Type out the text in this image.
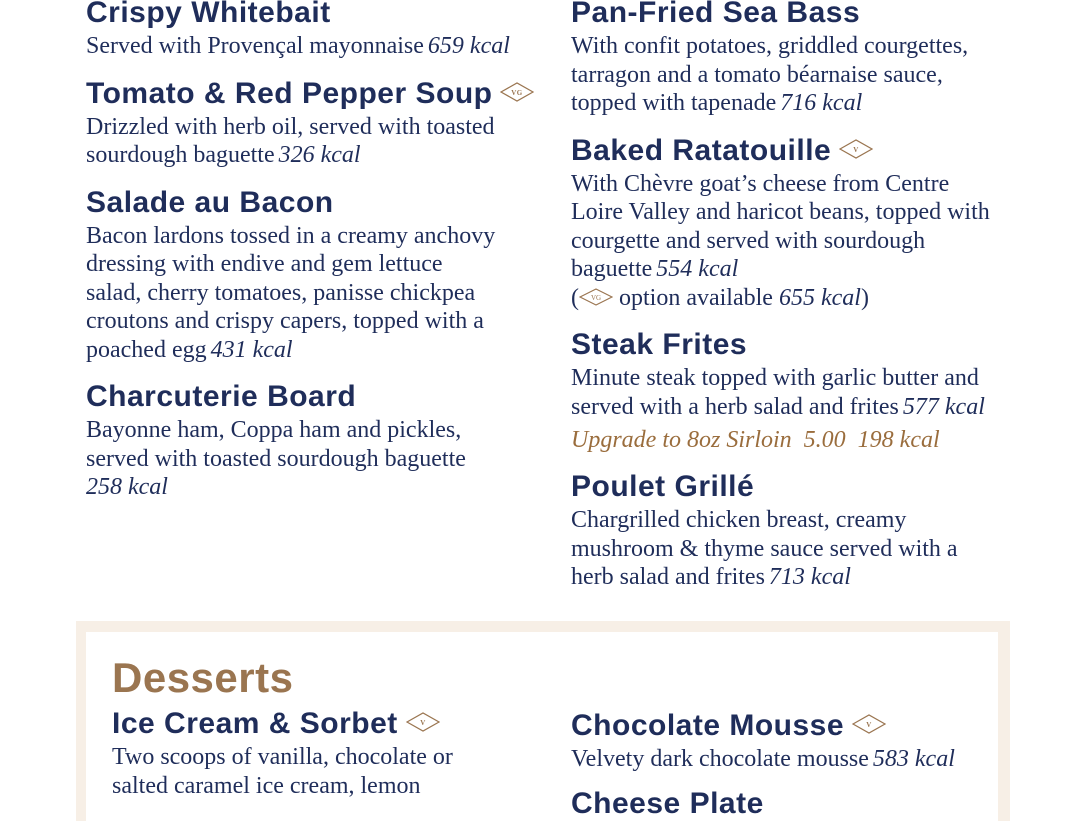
Crispy Whitebait
Served with Provençal mayonnaise 659 kcal
Tomato & Red Pepper Soup	VG
Drizzled with herb oil, served with toasted sourdough baguette 326 kcal
Salade au Bacon
Bacon lardons tossed in a creamy anchovy dressing with endive and gem lettuce salad, cherry tomatoes, panisse chickpea croutons and crispy capers, topped with a poached egg 431 kcal
Charcuterie Board
Bayonne ham, Coppa ham and pickles, served with toasted sourdough baguette
258 kcal
Pan-Fried Sea Bass
With confit potatoes, griddled courgettes, tarragon and a tomato béarnaise sauce, topped with tapenade 716 kcal
Baked Ratatouille	V
With Chèvre goat’s cheese from Centre Loire Valley and haricot beans, topped with courgette and served with sourdough baguette 554 kcal
( VG option available 655 kcal)
Steak Frites
Minute steak topped with garlic butter and served with a herb salad and frites 577 kcal
Upgrade to 8oz Sirloin  5.00  198 kcal
Poulet Grillé
Chargrilled chicken breast, creamy mushroom & thyme sauce served with a herb salad and frites 713 kcal
Desserts
Ice Cream & Sorbet	V
Two scoops of vanilla, chocolate or salted caramel ice cream, lemon
Chocolate Mousse	V
Velvety dark chocolate mousse 583 kcal
Cheese Plate
